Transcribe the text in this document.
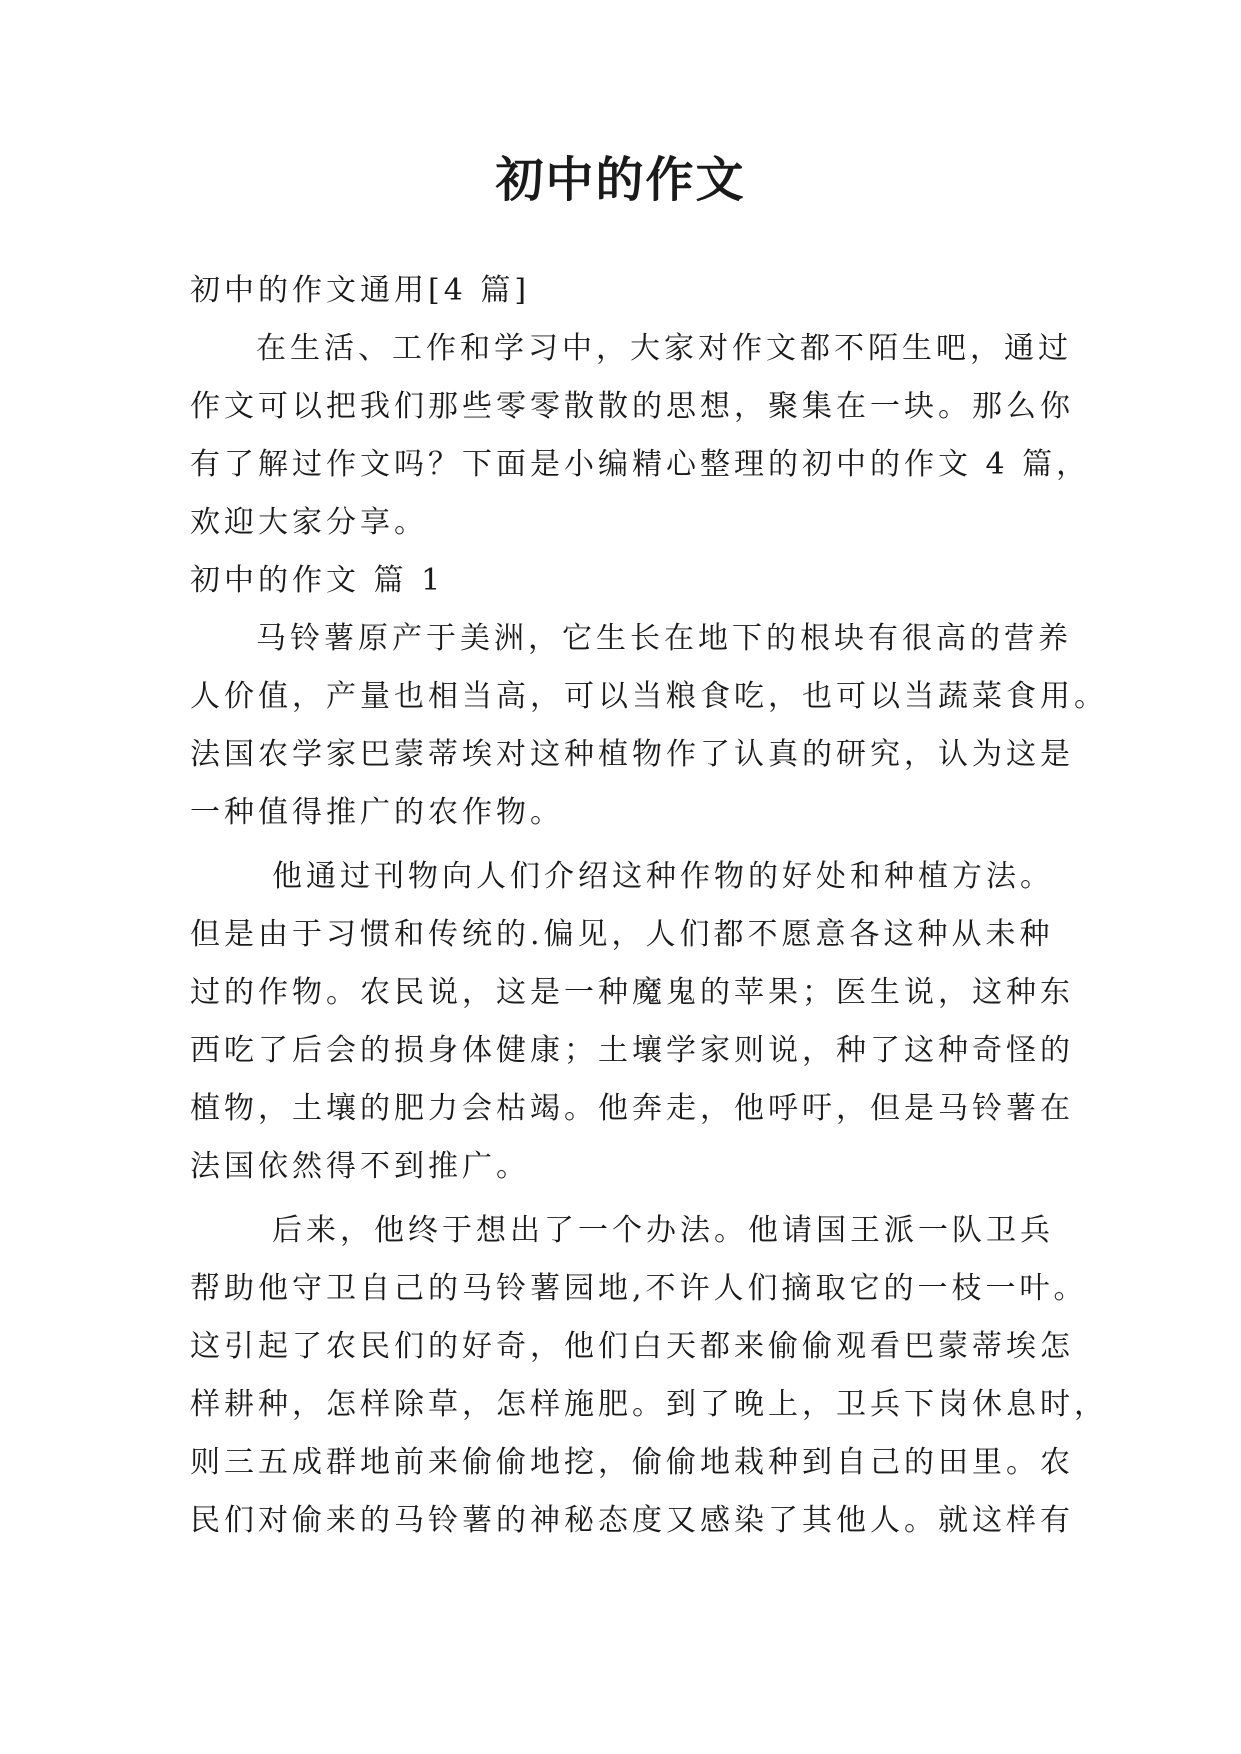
初中的作文
初中的作文通用[4 篇]
在生活、工作和学习中，大家对作文都不陌生吧，通过
作文可以把我们那些零零散散的思想，聚集在一块。那么你
有了解过作文吗？下面是小编精心整理的初中的作文 4 篇，
欢迎大家分享。
初中的作文 篇 1
马铃薯原产于美洲，它生长在地下的根块有很高的营养
人价值，产量也相当高，可以当粮食吃，也可以当蔬菜食用。
法国农学家巴蒙蒂埃对这种植物作了认真的研究，认为这是
一种值得推广的农作物。
他通过刊物向人们介绍这种作物的好处和种植方法。
但是由于习惯和传统的.偏见，人们都不愿意各这种从未种
过的作物。农民说，这是一种魔鬼的苹果；医生说，这种东
西吃了后会的损身体健康；土壤学家则说，种了这种奇怪的
植物，土壤的肥力会枯竭。他奔走，他呼吁，但是马铃薯在
法国依然得不到推广。
后来，他终于想出了一个办法。他请国王派一队卫兵
帮助他守卫自己的马铃薯园地,不许人们摘取它的一枝一叶。
这引起了农民们的好奇，他们白天都来偷偷观看巴蒙蒂埃怎
样耕种，怎样除草，怎样施肥。到了晚上，卫兵下岗休息时，
则三五成群地前来偷偷地挖，偷偷地栽种到自己的田里。农
民们对偷来的马铃薯的神秘态度又感染了其他人。就这样有
